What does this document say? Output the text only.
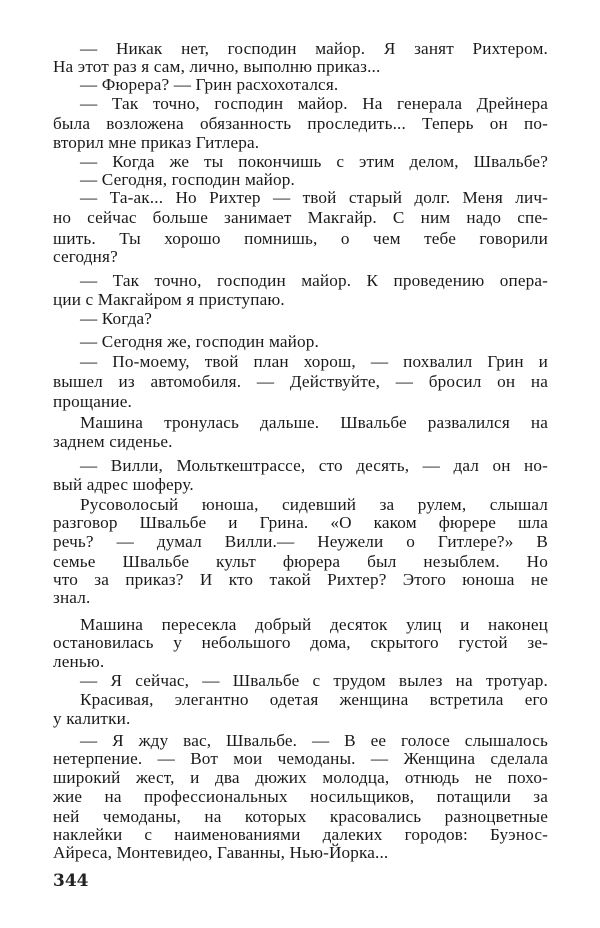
— Никак нет, господин майор. Я занят Рихтером.
На этот раз я сам, лично, выполню приказ...
— Фюрера? — Грин расхохотался.
— Так точно, господин майор. На генерала Дрейнера
была возложена обязанность проследить... Теперь он по-
вторил мне приказ Гитлера.
— Когда же ты покончишь с этим делом, Швальбе?
— Сегодня, господин майор.
— Та-ак... Но Рихтер — твой старый долг. Меня лич-
но сейчас больше занимает Макгайр. С ним надо спе-
шить. Ты хорошо помнишь, о чем тебе говорили
сегодня?
— Так точно, господин майор. К проведению опера-
ции с Макгайром я приступаю.
— Когда?
— Сегодня же, господин майор.
— По-моему, твой план хорош, — похвалил Грин и
вышел из автомобиля. — Действуйте, — бросил он на
прощание.
Машина тронулась дальше. Швальбе развалился на
заднем сиденье.
— Вилли, Мольткештрассе, сто десять, — дал он но-
вый адрес шоферу.
Русоволосый юноша, сидевший за рулем, слышал
разговор Швальбе и Грина. «О каком фюрере шла
речь? — думал Вилли.— Неужели о Гитлере?» В
семье Швальбе культ фюрера был незыблем. Но
что за приказ? И кто такой Рихтер? Этого юноша не
знал.
Машина пересекла добрый десяток улиц и наконец
остановилась у небольшого дома, скрытого густой зе-
ленью.
— Я сейчас, — Швальбе с трудом вылез на тротуар.
Красивая, элегантно одетая женщина встретила его
у калитки.
— Я жду вас, Швальбе. — В ее голосе слышалось
нетерпение. — Вот мои чемоданы. — Женщина сделала
широкий жест, и два дюжих молодца, отнюдь не похо-
жие на профессиональных носильщиков, потащили за
ней чемоданы, на которых красовались разноцветные
наклейки с наименованиями далеких городов: Буэнос-
Айреса, Монтевидео, Гаванны, Нью-Йорка...
344
